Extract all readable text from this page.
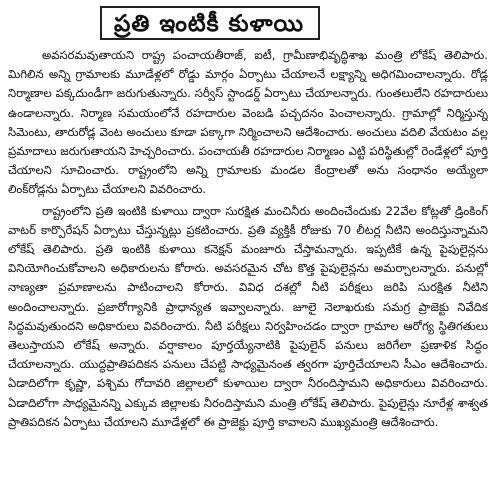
ప్రతి ఇంటికీ కుళాయి

అవసరమవుతాయని రాష్ట్ర పంచాయతీరాజ్, ఐటీ, గ్రామీణాభివృద్ధిశాఖ మంత్రి లోకేష్ తెలిపారు. మిగిలిన అన్ని గ్రామాలకు మూడేళ్లలో రోడ్డు మార్గం ఏర్పాటు చేయాలనే లక్ష్యాన్ని అధిగమించాలన్నారు. రోడ్ల నిర్మాణాల పక్కదుండీగా జరుగుతున్నారు. సర్వీస్ స్టాండర్డ్ ఏర్పాటు చేయాలన్నారు. గుంతలులేని రహదారులు ఉండాలన్నారు. నిర్మాణ సమయంలోనే రహదారుల వెంబడి పచ్చదనం పెంచాలన్నారు. గ్రామాల్లో నిర్మిస్తున్న సిమెంటు, తారురోడ్ల వెంట అంచులు కూడా పక్కాగా నిర్మించాలని ఆదేశించారు. అంచులు వదిలి వేయటం వల్ల ప్రమాదాలు జరుగుతాయని హెచ్చరించారు. పంచాయతీ రహదారుల నిర్మాణం ఎట్టి పరిస్థితుల్లో రెండేళ్లలో పూర్తి చేయాలని సూచించారు. రాష్ట్రంలోని అన్ని గ్రామాలకు మండల కేంద్రాలతో అను సంధానం అయ్యేలా లింక్‌రోడ్లను ఏర్పాటు చేయాలని వివరించారు.

రాష్ట్రంలోని ప్రతి ఇంటికి కుళాయి ద్వారా సురక్షిత మంచినీరు అందించేందుకు 22వేల కోట్లతో డ్రింకింగ్ వాటర్ కార్పొరేషన్ ఏర్పాటు చేస్తున్నట్లు ప్రకటించారు. ప్రతి వ్యక్తికీ రోజుకు 70 లీటర్ల నీటిని అందిస్తున్నామని లోకేష్ తెలిపారు. ప్రతి ఇంటికి కుళాయి కనెక్షన్ మంజూరు చేస్తామన్నారు. ఇప్పటికే ఉన్న పైపులైన్లను వినియోగించుకోవాలని అధికారులను కోరారు. అవసరమైన చోట కొత్త పైపులైన్లను అమర్చాలన్నారు. పనుల్లో నాణ్యతా ప్రమాణాలను పాటించాలని కోరారు. వివిధ దశల్లో నీటి పరీక్షలు జరిపి సురక్షిత నీటిని అందించాలన్నారు. ప్రజారోగ్యానికి ప్రాధాన్యత ఇవ్వాలన్నారు. జూలై నెలాఖరుకు సమగ్ర ప్రాజెక్టు నివేదిక సిద్ధమవుతుందని అధికారులు వివరించారు. నీటి పరీక్షలు నిర్వహించడం ద్వారా గ్రామాల ఆరోగ్య స్థితిగతులు తెలుస్తాయని లోకేష్ అన్నారు. వర్షాకాలం పూర్తయ్యేనాటికి పైపులైన్ పనులు జరిగేలా ప్రణాళిక సిద్ధం చేయాలన్నారు. యుద్ధప్రాతిపదికన పనులు చేపట్టి సాధ్యమైనంత త్వరగా పూర్తిచేయాలని సీఎం ఆదేశించారు. ఏడాదిలోగా కృష్ణా, పశ్చిమ గోదావరి జిల్లాలలో కుళాయిల ద్వారా నీరందిస్తామని అధికారులు వివరించారు. ఏడాదిలోగా సాధ్యమైనన్ని ఎక్కువ జిల్లాలకు నీరందిస్తామని మంత్రి లోకేష్ తెలిపారు. పైపులైన్లు నూరేళ్ల శాశ్వత ప్రాతిపదికన ఏర్పాటు చేయాలని మూడేళ్లలో ఈ ప్రాజెక్టు పూర్తి కావాలని ముఖ్యమంత్రి ఆదేశించారు.
